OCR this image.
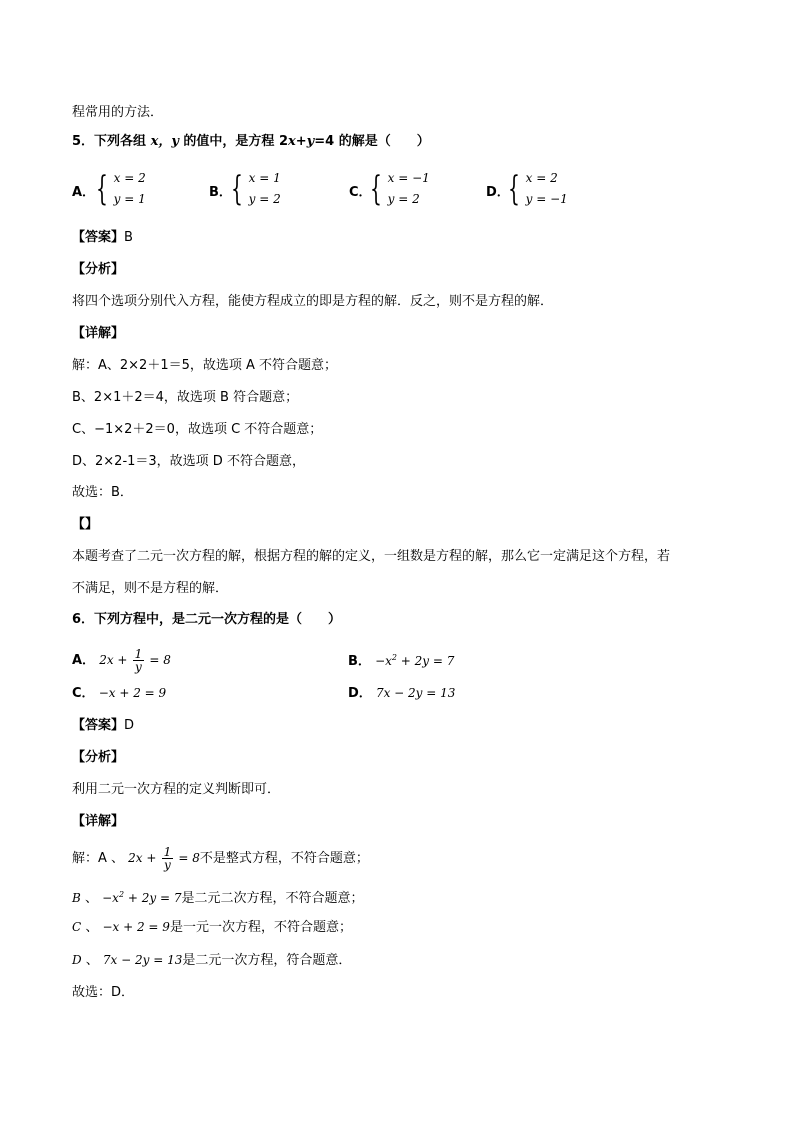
程常用的方法．
5．下列各组 x，y 的值中，是方程 2x+y=4 的解是（　　）
A． { x = 2
y = 1	B． { x = 1
y = 2	C．
{ x = −1
y = 2	D．
{ x = 2
y = −1
【答案】B
【分析】
将四个选项分别代入方程，能使方程成立的即是方程的解．反之，则不是方程的解．
【详解】
解：A、2×2＋1＝5，故选项 A 不符合题意；
B、2×1＋2＝4，故选项 B 符合题意；
C、−1×2＋2＝0，故选项 C 不符合题意；
D、2×2-1＝3，故选项 D 不符合题意，
故选：B．
【】
本题考查了二元一次方程的解，根据方程的解的定义，一组数是方程的解，那么它一定满足这个方程，若
不满足，则不是方程的解．
6．下列方程中，是二元一次方程的是（　　）
A． $2x + \frac{1}{y} = 8$	B． $-x^2 + 2y = 7$
C． −x + 2 = 9	D． 7x − 2y = 13
【答案】D
【分析】
利用二元一次方程的定义判断即可．
【详解】
解：A 、 $2x + \frac{1}{y} = 8$不是整式方程，不符合题意；
B 、 $-x^2 + 2y = 7$是二元二次方程，不符合题意；
C 、 −x + 2 = 9是一元一次方程，不符合题意；
D 、 7x − 2y = 13是二元一次方程，符合题意．
故选：D．
